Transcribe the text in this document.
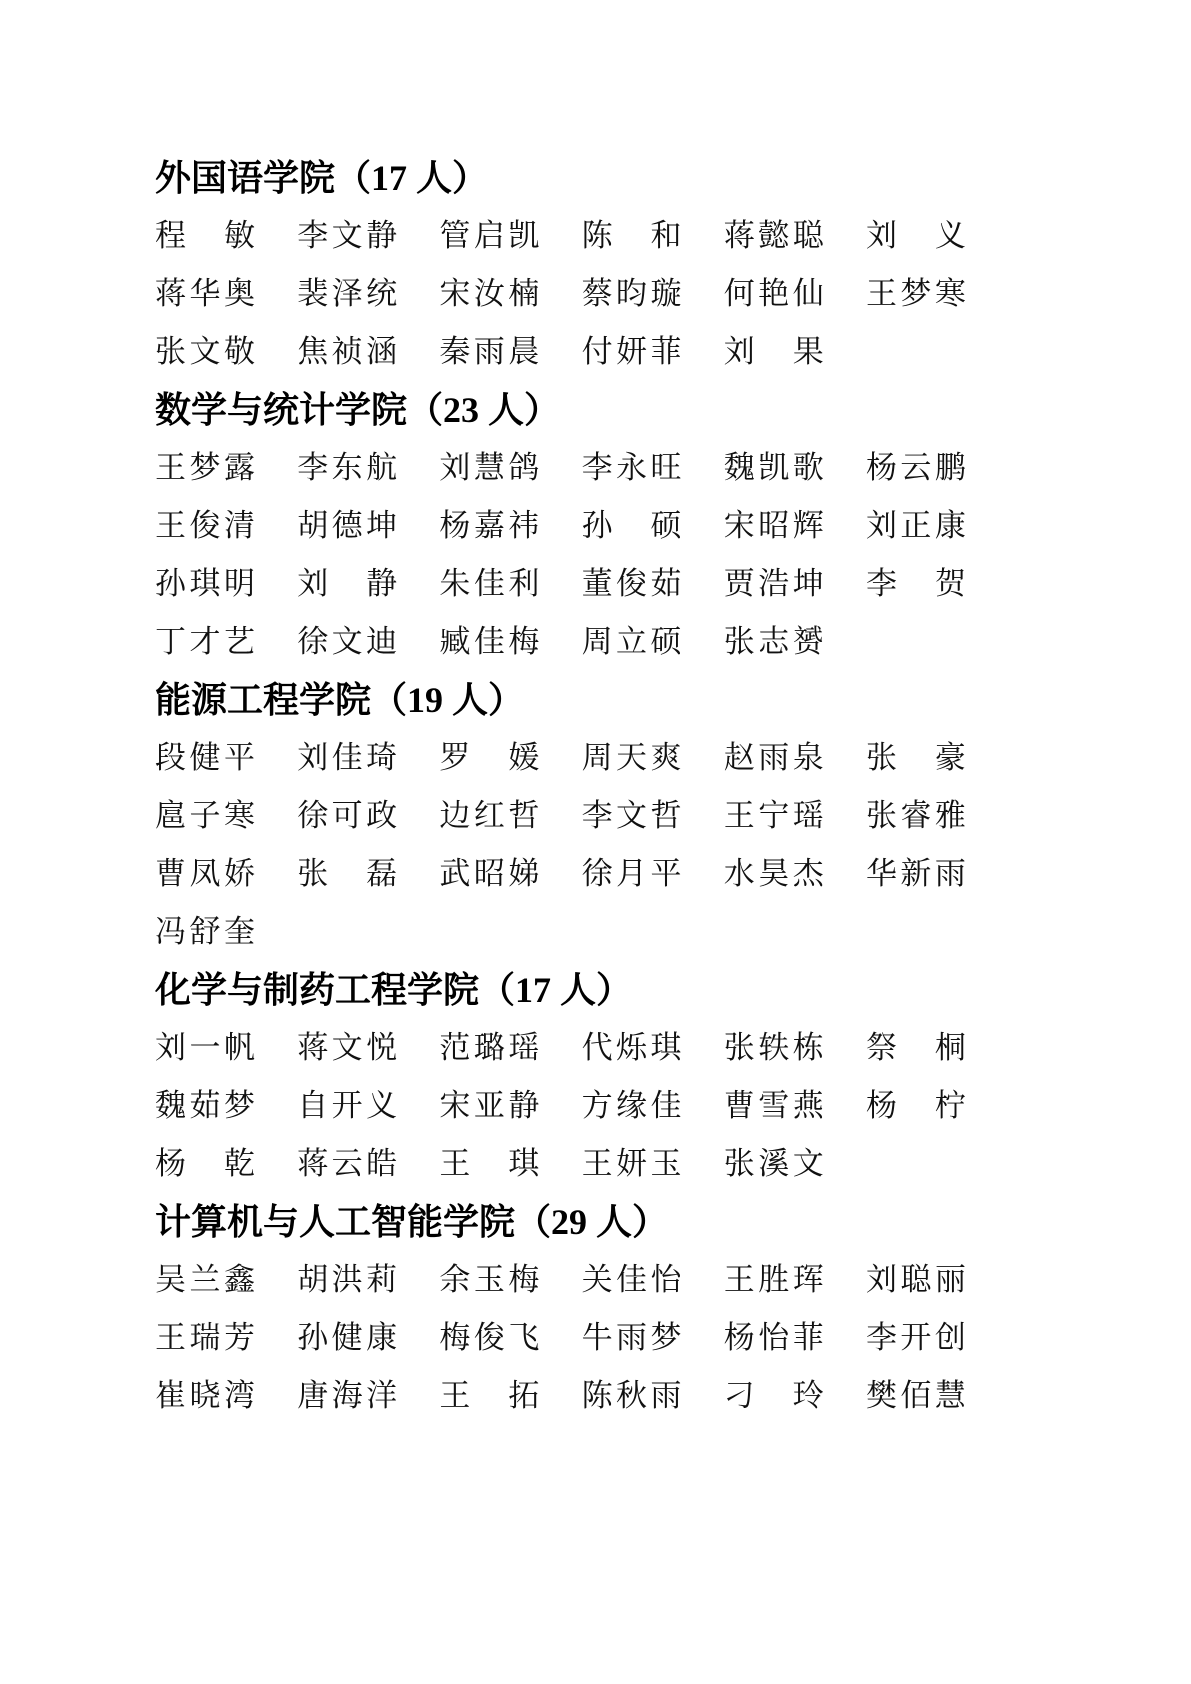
外国语学院（17 人）
程 敏 李文静 管启凯 陈 和 蒋懿聪 刘 义
蒋华奥 裴泽统 宋汝楠 蔡昀璇 何艳仙 王梦寒
张文敬 焦祯涵 秦雨晨 付妍菲 刘 果
数学与统计学院（23 人）
王梦露 李东航 刘慧鸽 李永旺 魏凯歌 杨云鹏
王俊清 胡德坤 杨嘉祎 孙 硕 宋昭辉 刘正康
孙琪明 刘 静 朱佳利 董俊茹 贾浩坤 李 贺
丁才艺 徐文迪 臧佳梅 周立硕 张志赟
能源工程学院（19 人）
段健平 刘佳琦 罗 媛 周天爽 赵雨泉 张 豪
扈子寒 徐可政 边红哲 李文哲 王宁瑶 张睿雅
曹凤娇 张 磊 武昭娣 徐月平 水昊杰 华新雨
冯舒奎
化学与制药工程学院（17 人）
刘一帆 蒋文悦 范璐瑶 代烁琪 张轶栋 祭 桐
魏茹梦 自开义 宋亚静 方缘佳 曹雪燕 杨 柠
杨 乾 蒋云皓 王 琪 王妍玉 张溪文
计算机与人工智能学院（29 人）
吴兰鑫 胡洪莉 余玉梅 关佳怡 王胜珲 刘聪丽
王瑞芳 孙健康 梅俊飞 牛雨梦 杨怡菲 李开创
崔晓湾 唐海洋 王 拓 陈秋雨 刁 玲 樊佰慧
